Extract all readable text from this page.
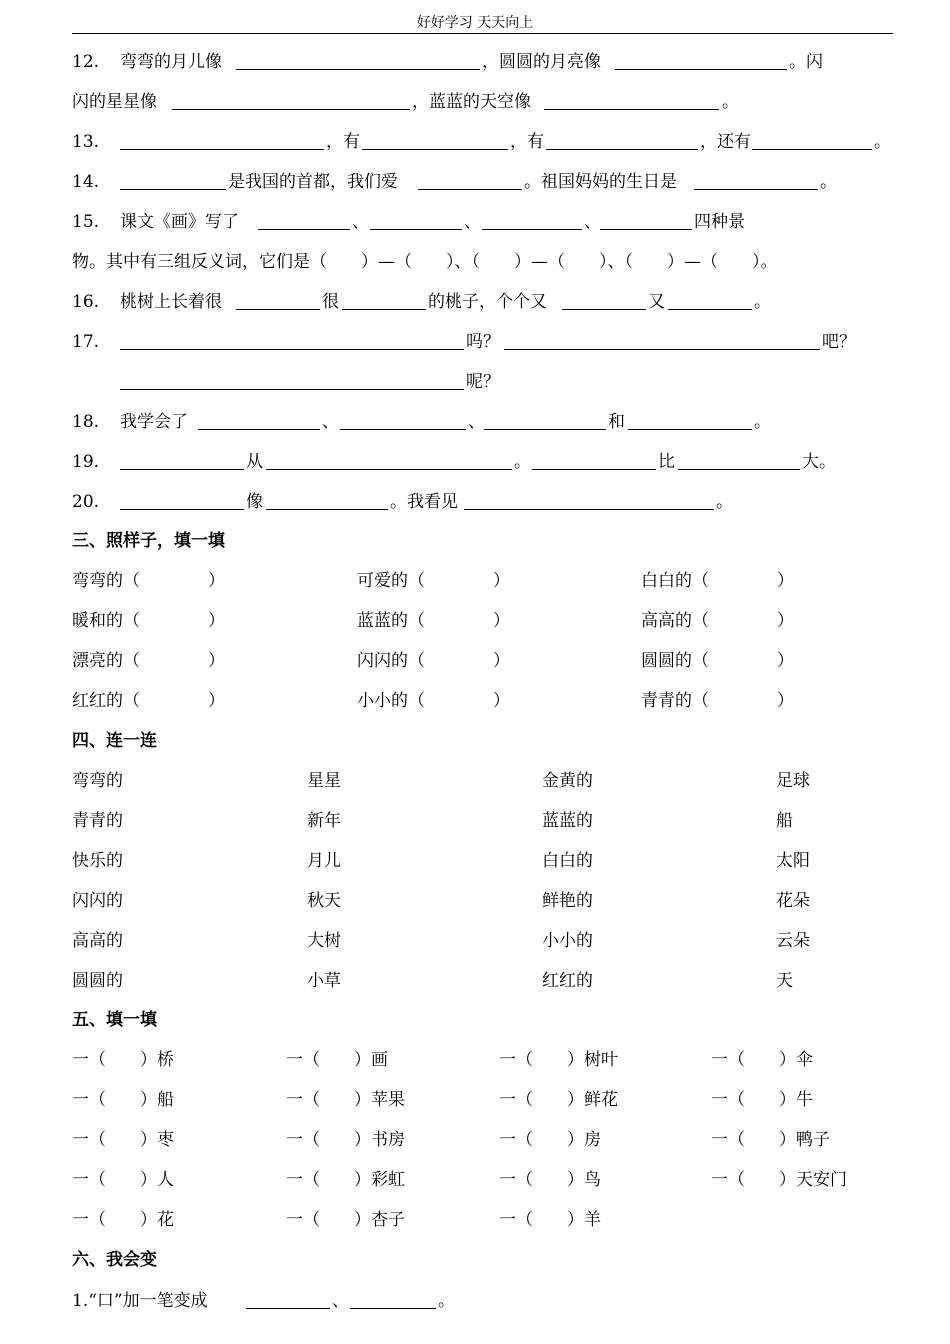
好好学习 天天向上
12. 弯弯的月儿像	，圆圆的月亮像	。闪
闪的星星像	，蓝蓝的天空像	。
13.	，有	，有	，还有	。
14.	是我国的首都，我们爱	。祖国妈妈的生日是	。
15. 课文《画》写了	、	、	、	四种景
物。其中有三组反义词，它们是（　　）—（　　）、（　　）—（　　）、（　　）—（　　）。
16. 桃树上长着很	很	的桃子，个个又	又	。
17.	吗？	吧？
呢？
18. 我学会了	、	、	和	。
19.	从	。	比	大。
20.	像	。我看见	。
三、照样子，填一填
弯弯的（　　　　）	可爱的（　　　　）	白白的（　　　　）
暖和的（　　　　）	蓝蓝的（　　　　）	高高的（　　　　）
漂亮的（　　　　）	闪闪的（　　　　）	圆圆的（　　　　）
红红的（　　　　）	小小的（　　　　）	青青的（　　　　）
四、连一连
弯弯的	星星	金黄的	足球
青青的	新年	蓝蓝的	船
快乐的	月儿	白白的	太阳
闪闪的	秋天	鲜艳的	花朵
高高的	大树	小小的	云朵
圆圆的	小草	红红的	天
五、填一填
一（　　）桥	一（　　）画	一（　　）树叶	一（　　）伞
一（　　）船	一（　　）苹果	一（　　）鲜花	一（　　）牛
一（　　）枣	一（　　）书房	一（　　）房	一（　　）鸭子
一（　　）人	一（　　）彩虹	一（　　）鸟	一（　　）天安门
一（　　）花	一（　　）杏子	一（　　）羊
六、我会变
1.“口”加一笔变成	、	。
